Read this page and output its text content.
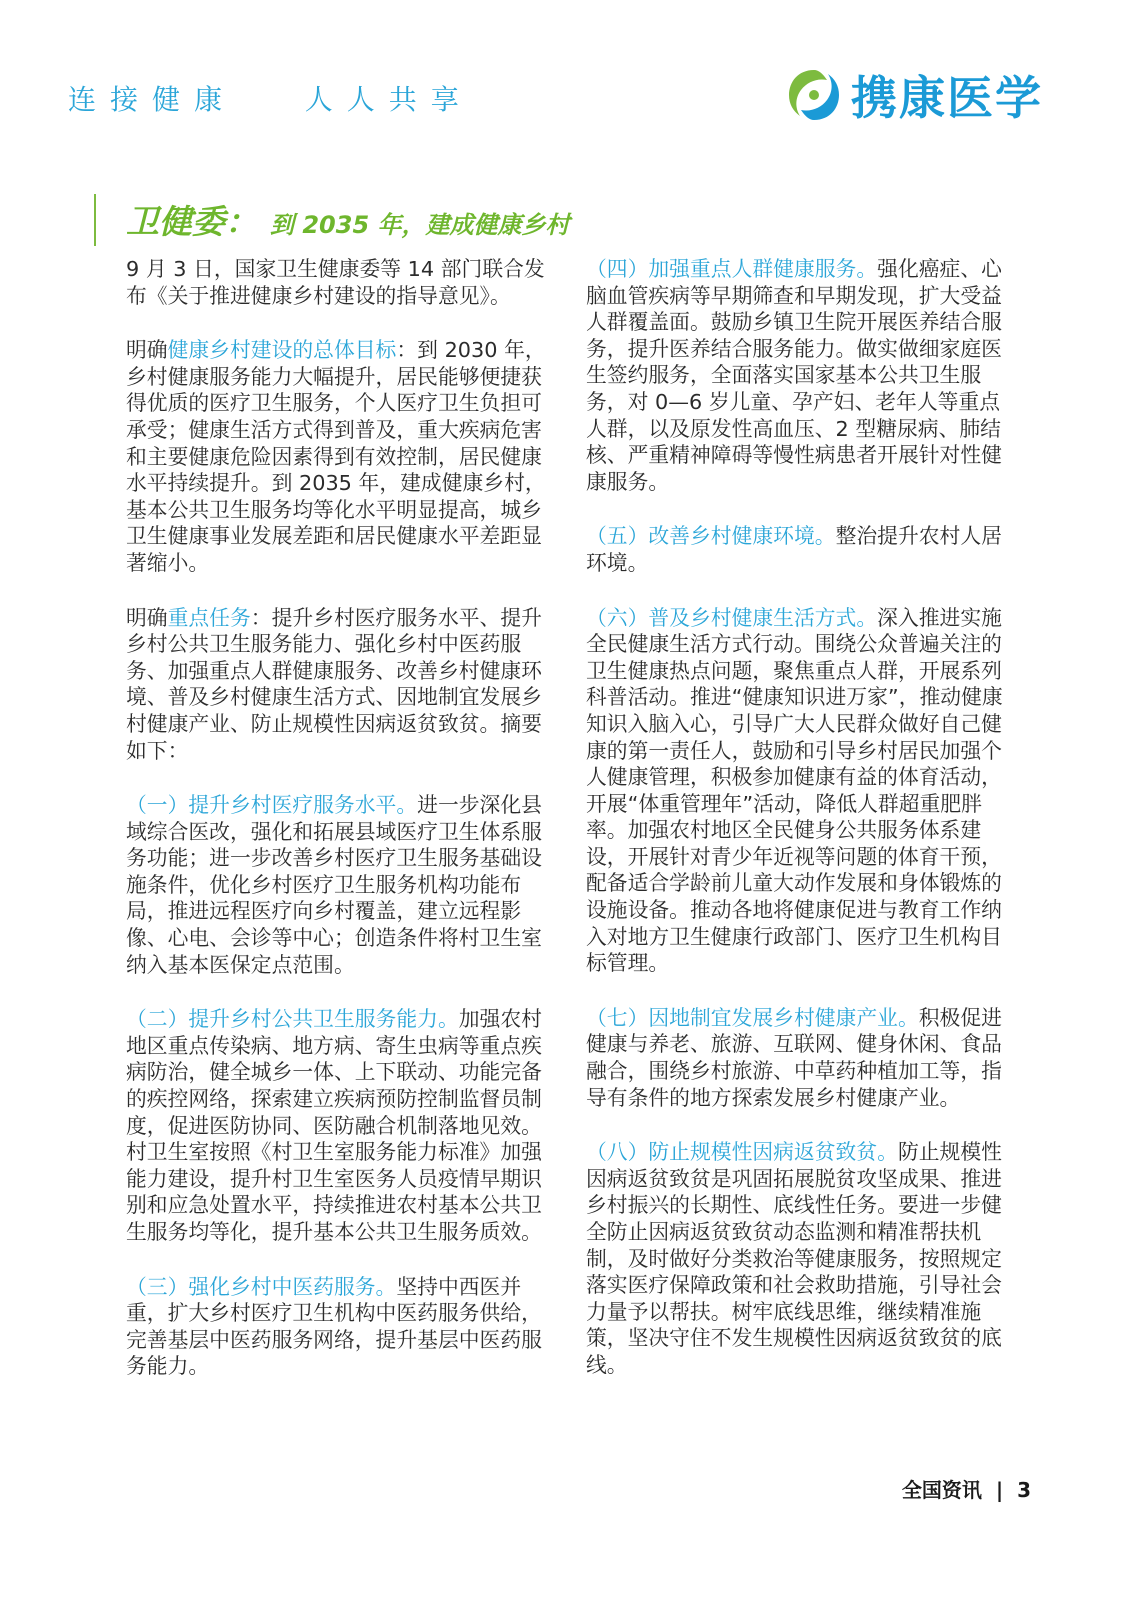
连接健康   人人共享	携康医学
卫健委： 到 2035 年，建成健康乡村

9 月 3 日，国家卫生健康委等 14 部门联合发布《关于推进健康乡村建设的指导意见》。

明确健康乡村建设的总体目标：到 2030 年，乡村健康服务能力大幅提升，居民能够便捷获得优质的医疗卫生服务，个人医疗卫生负担可承受；健康生活方式得到普及，重大疾病危害和主要健康危险因素得到有效控制，居民健康水平持续提升。到 2035 年，建成健康乡村，基本公共卫生服务均等化水平明显提高，城乡卫生健康事业发展差距和居民健康水平差距显著缩小。

明确重点任务：提升乡村医疗服务水平、提升乡村公共卫生服务能力、强化乡村中医药服务、加强重点人群健康服务、改善乡村健康环境、普及乡村健康生活方式、因地制宜发展乡村健康产业、防止规模性因病返贫致贫。摘要如下：

（一）提升乡村医疗服务水平。进一步深化县域综合医改，强化和拓展县域医疗卫生体系服务功能；进一步改善乡村医疗卫生服务基础设施条件，优化乡村医疗卫生服务机构功能布局，推进远程医疗向乡村覆盖，建立远程影像、心电、会诊等中心；创造条件将村卫生室纳入基本医保定点范围。

（二）提升乡村公共卫生服务能力。加强农村地区重点传染病、地方病、寄生虫病等重点疾病防治，健全城乡一体、上下联动、功能完备的疾控网络，探索建立疾病预防控制监督员制度，促进医防协同、医防融合机制落地见效。村卫生室按照《村卫生室服务能力标准》加强能力建设，提升村卫生室医务人员疫情早期识别和应急处置水平，持续推进农村基本公共卫生服务均等化，提升基本公共卫生服务质效。

（三）强化乡村中医药服务。坚持中西医并重，扩大乡村医疗卫生机构中医药服务供给，完善基层中医药服务网络，提升基层中医药服务能力。

（四）加强重点人群健康服务。强化癌症、心脑血管疾病等早期筛查和早期发现，扩大受益人群覆盖面。鼓励乡镇卫生院开展医养结合服务，提升医养结合服务能力。做实做细家庭医生签约服务，全面落实国家基本公共卫生服务，对 0—6 岁儿童、孕产妇、老年人等重点人群，以及原发性高血压、2 型糖尿病、肺结核、严重精神障碍等慢性病患者开展针对性健康服务。

（五）改善乡村健康环境。整治提升农村人居环境。

（六）普及乡村健康生活方式。深入推进实施全民健康生活方式行动。围绕公众普遍关注的卫生健康热点问题，聚焦重点人群，开展系列科普活动。推进“健康知识进万家”，推动健康知识入脑入心，引导广大人民群众做好自己健康的第一责任人，鼓励和引导乡村居民加强个人健康管理，积极参加健康有益的体育活动，开展“体重管理年”活动，降低人群超重肥胖率。加强农村地区全民健身公共服务体系建设，开展针对青少年近视等问题的体育干预，配备适合学龄前儿童大动作发展和身体锻炼的设施设备。推动各地将健康促进与教育工作纳入对地方卫生健康行政部门、医疗卫生机构目标管理。

（七）因地制宜发展乡村健康产业。积极促进健康与养老、旅游、互联网、健身休闲、食品融合，围绕乡村旅游、中草药种植加工等，指导有条件的地方探索发展乡村健康产业。

（八）防止规模性因病返贫致贫。防止规模性因病返贫致贫是巩固拓展脱贫攻坚成果、推进乡村振兴的长期性、底线性任务。要进一步健全防止因病返贫致贫动态监测和精准帮扶机制，及时做好分类救治等健康服务，按照规定落实医疗保障政策和社会救助措施，引导社会力量予以帮扶。树牢底线思维，继续精准施策，坚决守住不发生规模性因病返贫致贫的底线。

全国资讯 | 3
